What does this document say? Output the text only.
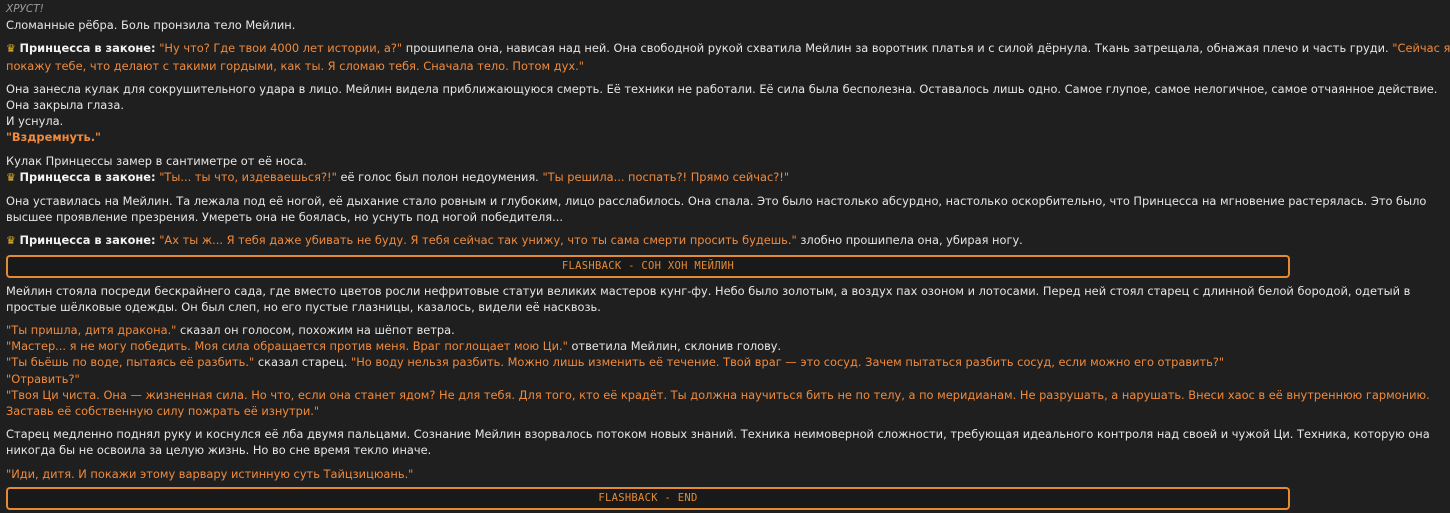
ХРУСТ!
Сломанные рёбра. Боль пронзила тело Мейлин.
♛ Принцесса в законе: "Ну что? Где твои 4000 лет истории, а?" прошипела она, нависая над ней. Она свободной рукой схватила Мейлин за воротник платья и с силой дёрнула. Ткань затрещала, обнажая плечо и часть груди. "Сейчас я
покажу тебе, что делают с такими гордыми, как ты. Я сломаю тебя. Сначала тело. Потом дух."
Она занесла кулак для сокрушительного удара в лицо. Мейлин видела приближающуюся смерть. Её техники не работали. Её сила была бесполезна. Оставалось лишь одно. Самое глупое, самое нелогичное, самое отчаянное действие.
Она закрыла глаза.
И уснула.
"Вздремнуть."
Кулак Принцессы замер в сантиметре от её носа.
♛ Принцесса в законе: "Ты... ты что, издеваешься?!" её голос был полон недоумения. "Ты решила... поспать?! Прямо сейчас?!"
Она уставилась на Мейлин. Та лежала под её ногой, её дыхание стало ровным и глубоким, лицо расслабилось. Она спала. Это было настолько абсурдно, настолько оскорбительно, что Принцесса на мгновение растерялась. Это было
высшее проявление презрения. Умереть она не боялась, но уснуть под ногой победителя...
♛ Принцесса в законе: "Ах ты ж... Я тебя даже убивать не буду. Я тебя сейчас так унижу, что ты сама смерти просить будешь." злобно прошипела она, убирая ногу.
FLASHBACK - СОН ХОН МЕЙЛИН
Мейлин стояла посреди бескрайнего сада, где вместо цветов росли нефритовые статуи великих мастеров кунг-фу. Небо было золотым, а воздух пах озоном и лотосами. Перед ней стоял старец с длинной белой бородой, одетый в
простые шёлковые одежды. Он был слеп, но его пустые глазницы, казалось, видели её насквозь.
"Ты пришла, дитя дракона." сказал он голосом, похожим на шёпот ветра.
"Мастер... я не могу победить. Моя сила обращается против меня. Враг поглощает мою Ци." ответила Мейлин, склонив голову.
"Ты бьёшь по воде, пытаясь её разбить." сказал старец. "Но воду нельзя разбить. Можно лишь изменить её течение. Твой враг — это сосуд. Зачем пытаться разбить сосуд, если можно его отравить?"
"Отравить?"
"Твоя Ци чиста. Она — жизненная сила. Но что, если она станет ядом? Не для тебя. Для того, кто её крадёт. Ты должна научиться бить не по телу, а по меридианам. Не разрушать, а нарушать. Внеси хаос в её внутреннюю гармонию.
Заставь её собственную силу пожрать её изнутри."
Старец медленно поднял руку и коснулся её лба двумя пальцами. Сознание Мейлин взорвалось потоком новых знаний. Техника неимоверной сложности, требующая идеального контроля над своей и чужой Ци. Техника, которую она
никогда бы не освоила за целую жизнь. Но во сне время текло иначе.
"Иди, дитя. И покажи этому варвару истинную суть Тайцзицюань."
FLASHBACK - END
